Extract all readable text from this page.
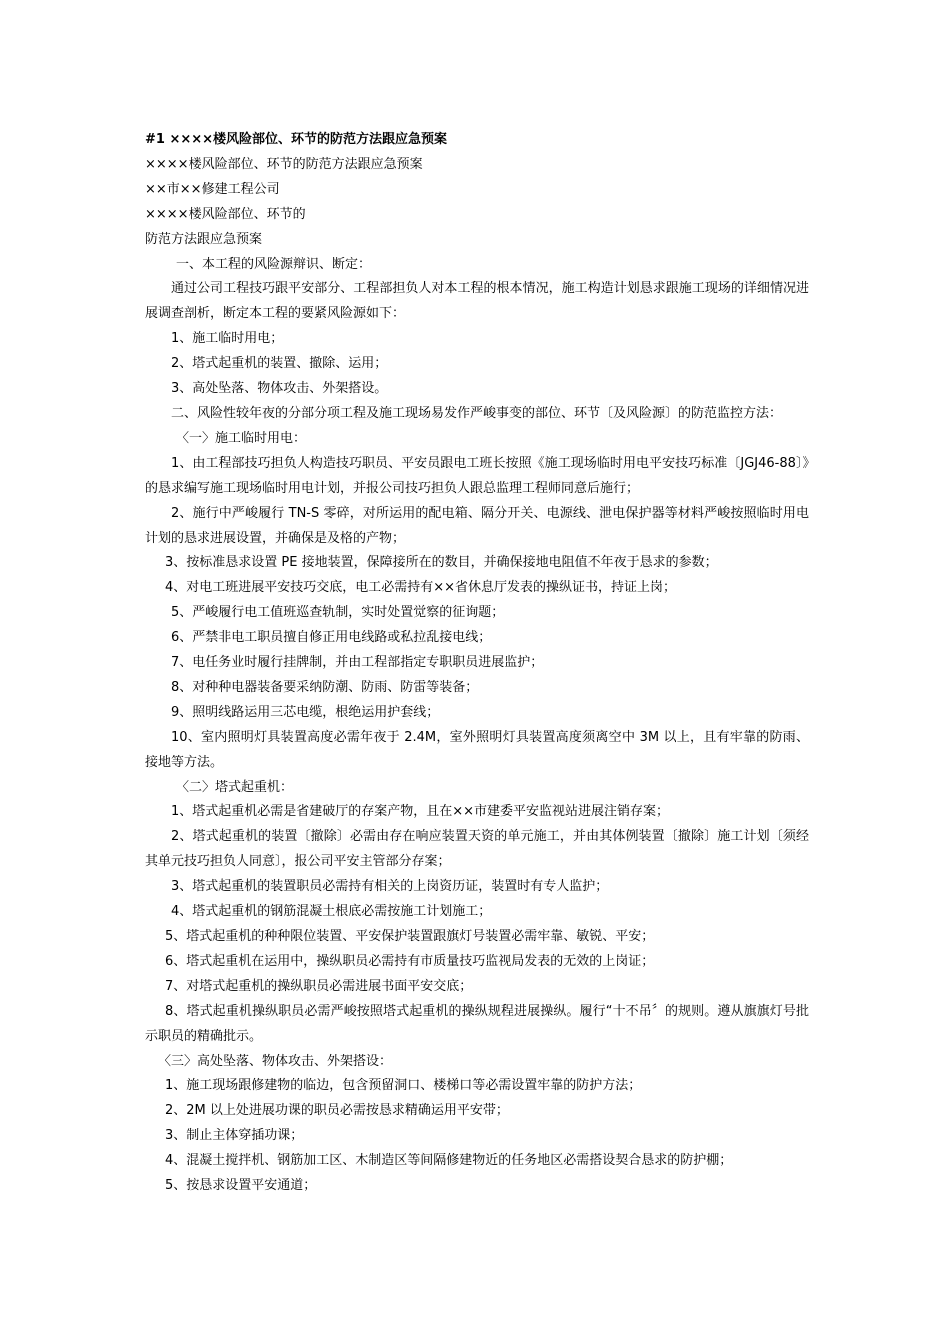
#1 ××××楼风险部位、环节的防范方法跟应急预案

××××楼风险部位、环节的防范方法跟应急预案

××市××修建工程公司

××××楼风险部位、环节的

防范方法跟应急预案

一、本工程的风险源辩识、断定：

通过公司工程技巧跟平安部分、工程部担负人对本工程的根本情况，施工构造计划恳求跟施工现场的详细情况进展调查剖析，断定本工程的要紧风险源如下：

1、施工临时用电；

2、塔式起重机的装置、撤除、运用；

3、高处坠落、物体攻击、外架搭设。

二、风险性较年夜的分部分项工程及施工现场易发作严峻事变的部位、环节〔及风险源〕的防范监控方法：

〈一〉施工临时用电：

1、由工程部技巧担负人构造技巧职员、平安员跟电工班长按照《施工现场临时用电平安技巧标准〔JGJ46-88〕》的恳求编写施工现场临时用电计划，并报公司技巧担负人跟总监理工程师同意后施行；

2、施行中严峻履行 TN-S 零碎，对所运用的配电箱、隔分开关、电源线、泄电保护器等材料严峻按照临时用电计划的恳求进展设置，并确保是及格的产物；

3、按标准恳求设置 PE 接地装置，保障接所在的数目，并确保接地电阻值不年夜于恳求的参数；

4、对电工班进展平安技巧交底，电工必需持有××省休息厅发表的操纵证书，持证上岗；

5、严峻履行电工值班巡查轨制，实时处置觉察的征询题；

6、严禁非电工职员擅自修正用电线路或私拉乱接电线；

7、电任务业时履行挂牌制，并由工程部指定专职职员进展监护；

8、对种种电器装备要采纳防潮、防雨、防雷等装备；

9、照明线路运用三芯电缆，根绝运用护套线；

10、室内照明灯具装置高度必需年夜于 2.4M，室外照明灯具装置高度须离空中 3M 以上，且有牢靠的防雨、接地等方法。

〈二〉塔式起重机：

1、塔式起重机必需是省建破厅的存案产物，且在××市建委平安监视站进展注销存案；

2、塔式起重机的装置〔撤除〕必需由存在响应装置天资的单元施工，并由其体例装置〔撤除〕施工计划〔须经其单元技巧担负人同意〕，报公司平安主管部分存案；

3、塔式起重机的装置职员必需持有相关的上岗资历证，装置时有专人监护；

4、塔式起重机的钢筋混凝土根底必需按施工计划施工；

5、塔式起重机的种种限位装置、平安保护装置跟旗灯号装置必需牢靠、敏锐、平安；

6、塔式起重机在运用中，操纵职员必需持有市质量技巧监视局发表的无效的上岗证；

7、对塔式起重机的操纵职员必需进展书面平安交底；

8、塔式起重机操纵职员必需严峻按照塔式起重机的操纵规程进展操纵。履行“十不吊〞的规则。遵从旗旗灯号批示职员的精确批示。

〈三〉高处坠落、物体攻击、外架搭设：

1、施工现场跟修建物的临边，包含预留洞口、楼梯口等必需设置牢靠的防护方法；

2、2M 以上处进展功课的职员必需按恳求精确运用平安带；

3、制止主体穿插功课；

4、混凝土搅拌机、钢筋加工区、木制造区等间隔修建物近的任务地区必需搭设契合恳求的防护棚；

5、按恳求设置平安通道；
